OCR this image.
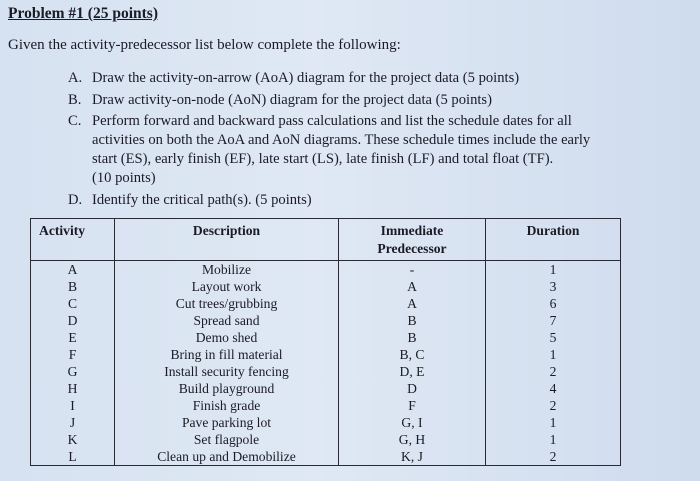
Problem #1 (25 points)
Given the activity-predecessor list below complete the following:
A. Draw the activity-on-arrow (AoA) diagram for the project data (5 points)
B. Draw activity-on-node (AoN) diagram for the project data (5 points)
C. Perform forward and backward pass calculations and list the schedule dates for all
activities on both the AoA and AoN diagrams. These schedule times include the early
start (ES), early finish (EF), late start (LS), late finish (LF) and total float (TF).
(10 points)
D. Identify the critical path(s). (5 points)
Activity	Description	Immediate
Predecessor	Duration
A	Mobilize	-	1
B	Layout work	A	3
C	Cut trees/grubbing	A	6
D	Spread sand	B	7
E	Demo shed	B	5
F	Bring in fill material	B, C	1
G	Install security fencing	D, E	2
H	Build playground	D	4
I	Finish grade	F	2
J	Pave parking lot	G, I	1
K	Set flagpole	G, H	1
L	Clean up and Demobilize	K, J	2
